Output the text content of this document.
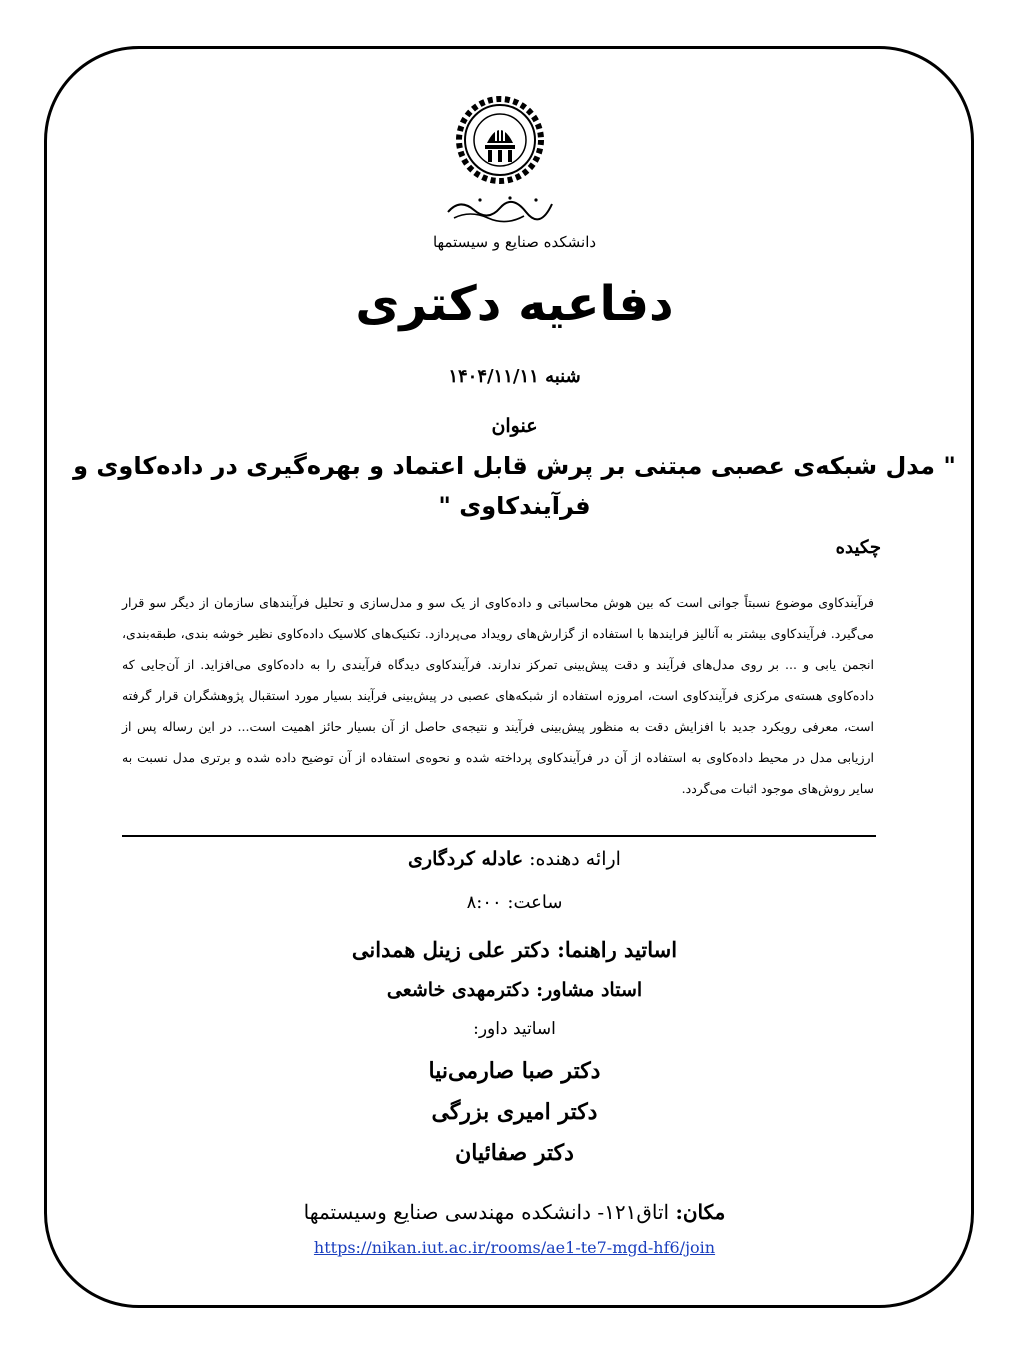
دانشکده صنایع و سیستمها
دفاعیه دکتری
شنبه ۱۴۰۴/۱۱/۱۱
عنوان
" مدل شبکه‌ی عصبی مبتنی بر پرش قابل اعتماد و بهره‌گیری در داده‌کاوی و
فرآیندکاوی "
چکیده
فرآیندکاوی موضوع نسبتاً جوانی است که بین هوش محاسباتی و داده‌کاوی از یک سو و مدل‌سازی و تحلیل فرآیندهای سازمان از دیگر سو قرار می‌گیرد. فرآیندکاوی بیشتر به آنالیز فرایندها با استفاده از گزارش‌های رویداد می‌پردازد. تکنیک‌های کلاسیک داده‌کاوی نظیر خوشه بندی، طبقه‌بندی، انجمن یابی و ... بر روی مدل‌های فرآیند و دقت پیش‌بینی تمرکز ندارند. فرآیندکاوی دیدگاه فرآیندی را به داده‌کاوی می‌افزاید. از آن‌جایی که داده‌کاوی هسته‌ی مرکزی فرآیندکاوی است، امروزه استفاده از شبکه‌های عصبی در پیش‌بینی فرآیند بسیار مورد استقبال پژوهشگران قرار گرفته است، معرفی رویکرد جدید با افزایش دقت به منظور پیش‌بینی فرآیند و نتیجه‌ی حاصل از آن بسیار حائز اهمیت است... در این رساله پس از ارزیابی مدل در محیط داده‌کاوی به استفاده از آن در فرآیندکاوی پرداخته شده و نحوه‌ی استفاده از آن توضیح داده شده و برتری مدل نسبت به سایر روش‌های موجود اثبات می‌گردد.
ارائه دهنده: عادله کردگاری
ساعت: ۸:۰۰
اساتید راهنما: دکتر علی زینل همدانی
استاد مشاور: دکترمهدی خاشعی
اساتید داور:
دکتر صبا صارمی‌نیا
دکتر امیری بزرگی
دکتر صفائیان
مکان: اتاق۱۲۱- دانشکده مهندسی صنایع وسیستمها
https://nikan.iut.ac.ir/rooms/ae1-te7-mgd-hf6/join
